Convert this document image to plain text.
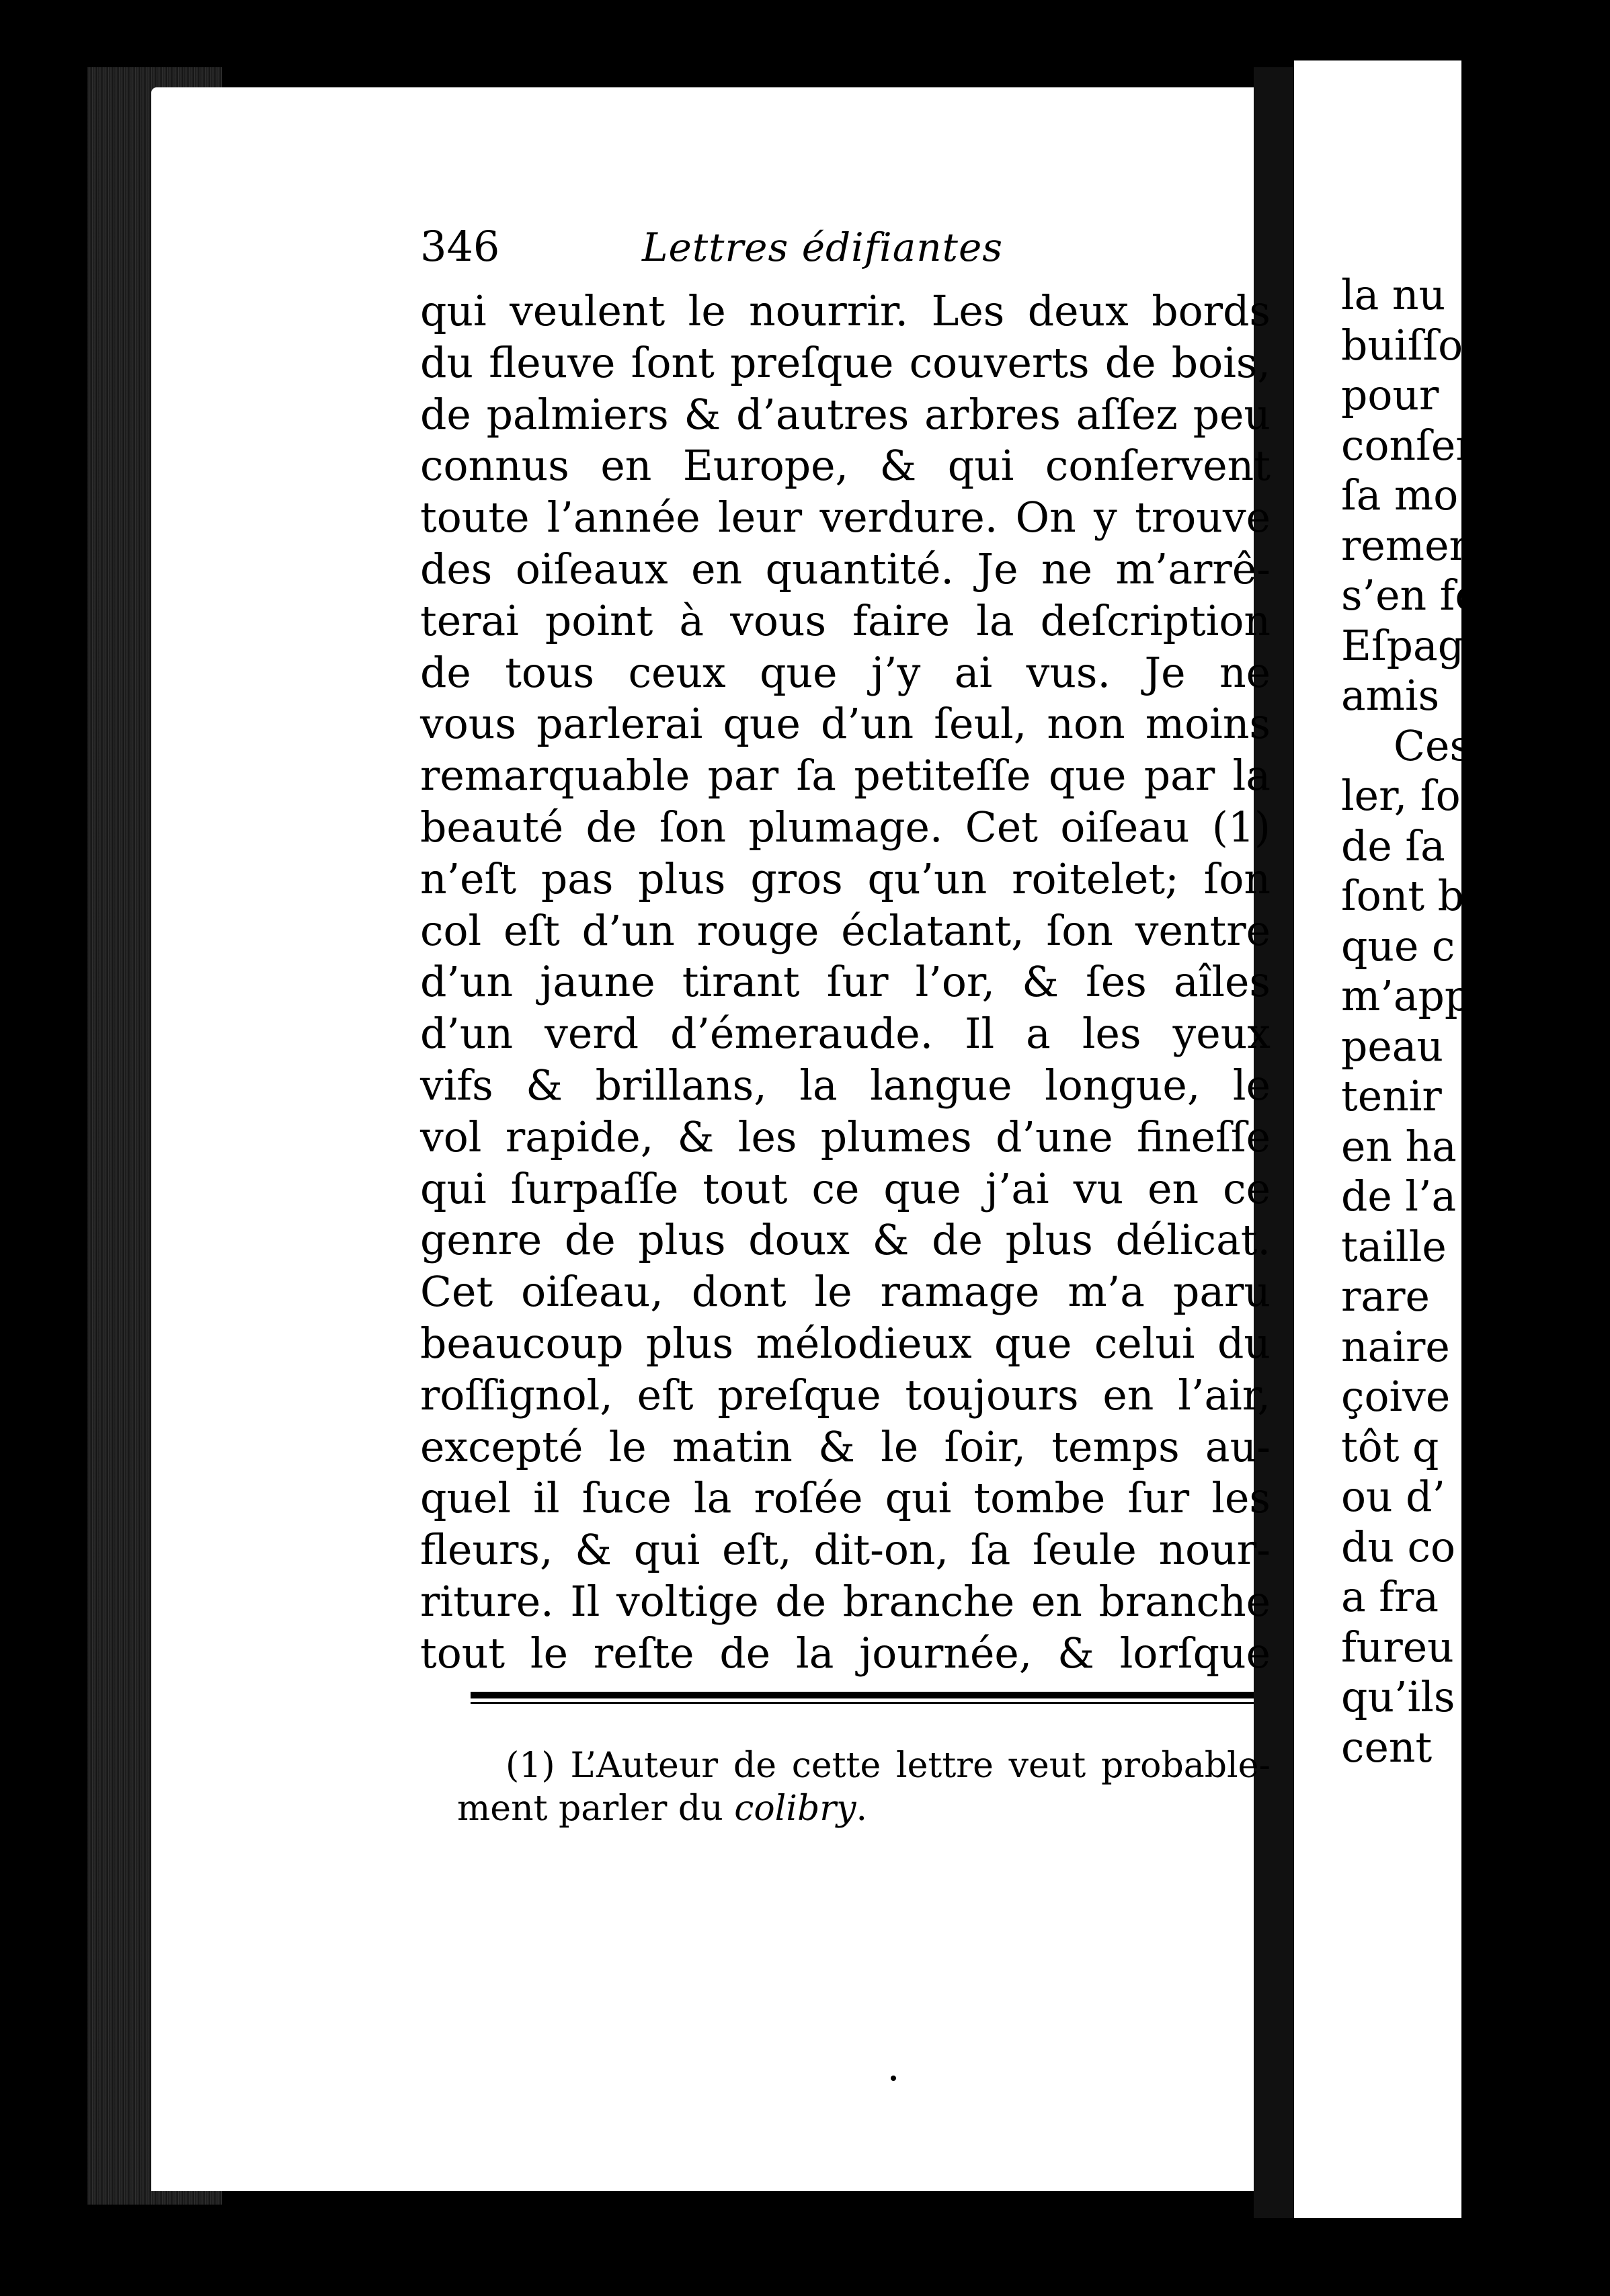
346	Lettres édifiantes
qui veulent le nourrir. Les deux bords
du fleuve ſont preſque couverts de bois,
de palmiers & d’autres arbres aſſez peu
connus en Europe, & qui conſervent
toute l’année leur verdure. On y trouve
des oiſeaux en quantité. Je ne m’arrê-
terai point à vous faire la deſcription
de tous ceux que j’y ai vus. Je ne
vous parlerai que d’un ſeul, non moins
remarquable par ſa petiteſſe que par la
beauté de ſon plumage. Cet oiſeau (1)
n’eſt pas plus gros qu’un roitelet; ſon
col eſt d’un rouge éclatant, ſon ventre
d’un jaune tirant ſur l’or, & ſes aîles
d’un verd d’émeraude. Il a les yeux
vifs & brillans, la langue longue, le
vol rapide, & les plumes d’une fineſſe
qui ſurpaſſe tout ce que j’ai vu en ce
genre de plus doux & de plus délicat.
Cet oiſeau, dont le ramage m’a paru
beaucoup plus mélodieux que celui du
roſſignol, eſt preſque toujours en l’air,
excepté le matin & le ſoir, temps au-
quel il ſuce la roſée qui tombe ſur les
fleurs, & qui eſt, dit-on, ſa ſeule nour-
riture. Il voltige de branche en branche
tout le reſte de la journée, & lorſque
(1) L’Auteur de cette lettre veut probable-
ment parler du colibry.
la nu
buiſſo
pour
conſer
ſa mo
remen
s’en fo
Eſpag
amis
Ces
ler, ſo
de ſa
ſont b
que c
m’app
peau
tenir
en ha
de l’a
taille
rare
naire
çoive
tôt q
ou d’
du co
a fra
fureu
qu’ils
cent
